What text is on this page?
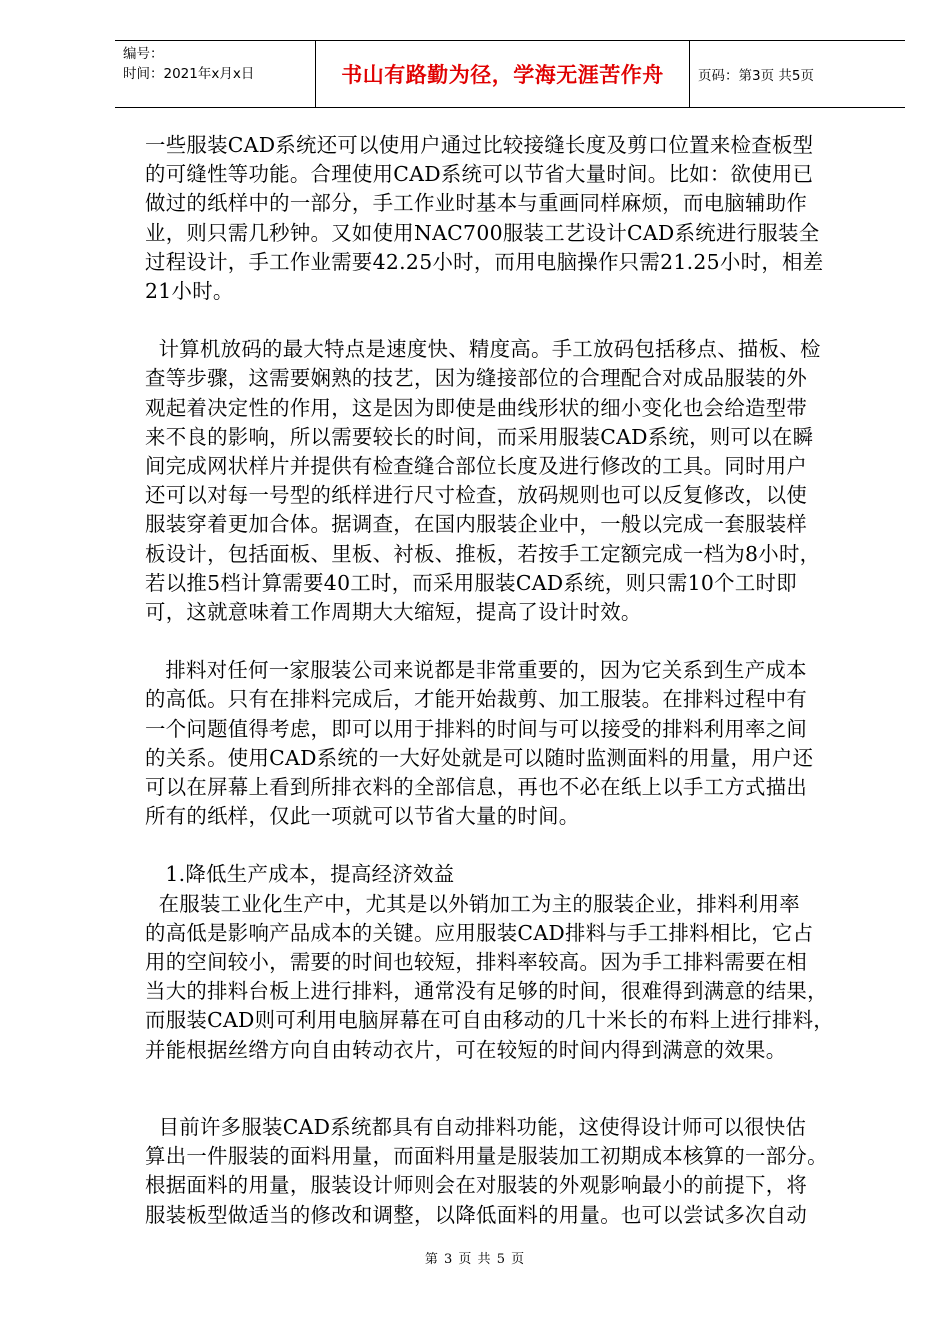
编号：
时间：2021年x月x日	书山有路勤为径，学海无涯苦作舟	页码：第3页 共5页

一些服装CAD系统还可以使用户通过比较接缝长度及剪口位置来检查板型
的可缝性等功能。合理使用CAD系统可以节省大量时间。比如：欲使用已
做过的纸样中的一部分，手工作业时基本与重画同样麻烦，而电脑辅助作
业，则只需几秒钟。又如使用NAC700服装工艺设计CAD系统进行服装全
过程设计，手工作业需要42.25小时，而用电脑操作只需21.25小时，相差
21小时。

计算机放码的最大特点是速度快、精度高。手工放码包括移点、描板、检
查等步骤，这需要娴熟的技艺，因为缝接部位的合理配合对成品服装的外
观起着决定性的作用，这是因为即使是曲线形状的细小变化也会给造型带
来不良的影响，所以需要较长的时间，而采用服装CAD系统，则可以在瞬
间完成网状样片并提供有检查缝合部位长度及进行修改的工具。同时用户
还可以对每一号型的纸样进行尺寸检查，放码规则也可以反复修改，以使
服装穿着更加合体。据调查，在国内服装企业中，一般以完成一套服装样
板设计，包括面板、里板、衬板、推板，若按手工定额完成一档为8小时，
若以推5档计算需要40工时，而采用服装CAD系统，则只需10个工时即
可，这就意味着工作周期大大缩短，提高了设计时效。

排料对任何一家服装公司来说都是非常重要的，因为它关系到生产成本
的高低。只有在排料完成后，才能开始裁剪、加工服装。在排料过程中有
一个问题值得考虑，即可以用于排料的时间与可以接受的排料利用率之间
的关系。使用CAD系统的一大好处就是可以随时监测面料的用量，用户还
可以在屏幕上看到所排衣料的全部信息，再也不必在纸上以手工方式描出
所有的纸样，仅此一项就可以节省大量的时间。

1.降低生产成本，提高经济效益
在服装工业化生产中，尤其是以外销加工为主的服装企业，排料利用率
的高低是影响产品成本的关键。应用服装CAD排料与手工排料相比，它占
用的空间较小，需要的时间也较短，排料率较高。因为手工排料需要在相
当大的排料台板上进行排料，通常没有足够的时间，很难得到满意的结果，
而服装CAD则可利用电脑屏幕在可自由移动的几十米长的布料上进行排料，
并能根据丝绺方向自由转动衣片，可在较短的时间内得到满意的效果。

目前许多服装CAD系统都具有自动排料功能，这使得设计师可以很快估
算出一件服装的面料用量，而面料用量是服装加工初期成本核算的一部分。
根据面料的用量，服装设计师则会在对服装的外观影响最小的前提下，将
服装板型做适当的修改和调整，以降低面料的用量。也可以尝试多次自动

第 3 页 共 5 页
